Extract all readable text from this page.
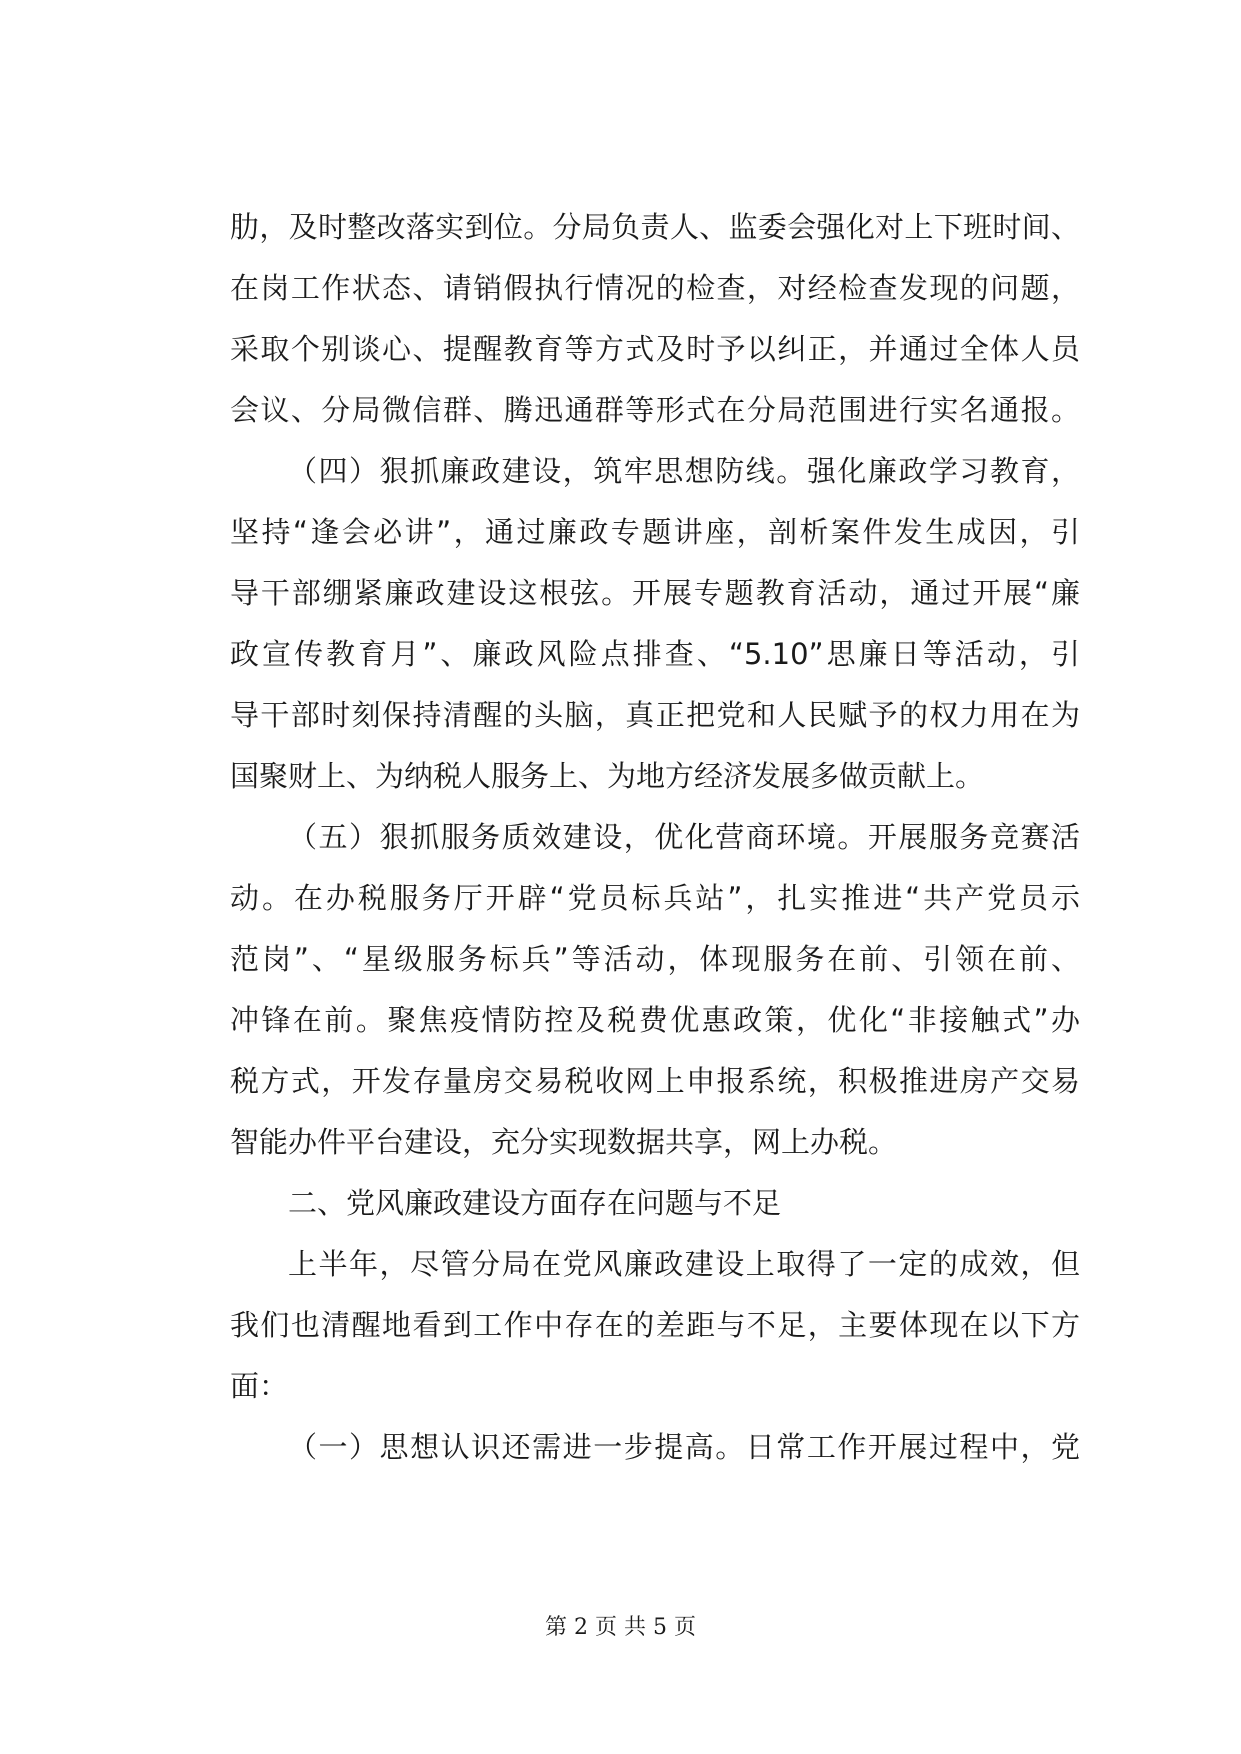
肋，及时整改落实到位。分局负责人、监委会强化对上下班时间、
在岗工作状态、请销假执行情况的检查，对经检查发现的问题，
采取个别谈心、提醒教育等方式及时予以纠正，并通过全体人员
会议、分局微信群、腾迅通群等形式在分局范围进行实名通报。
（四）狠抓廉政建设，筑牢思想防线。强化廉政学习教育，
坚持“逢会必讲”，通过廉政专题讲座，剖析案件发生成因，引
导干部绷紧廉政建设这根弦。开展专题教育活动，通过开展“廉
政宣传教育月”、廉政风险点排查、“5.10”思廉日等活动，引
导干部时刻保持清醒的头脑，真正把党和人民赋予的权力用在为
国聚财上、为纳税人服务上、为地方经济发展多做贡献上。
（五）狠抓服务质效建设，优化营商环境。开展服务竞赛活
动。在办税服务厅开辟“党员标兵站”，扎实推进“共产党员示
范岗”、“星级服务标兵”等活动，体现服务在前、引领在前、
冲锋在前。聚焦疫情防控及税费优惠政策，优化“非接触式”办
税方式，开发存量房交易税收网上申报系统，积极推进房产交易
智能办件平台建设，充分实现数据共享，网上办税。
二、党风廉政建设方面存在问题与不足
上半年，尽管分局在党风廉政建设上取得了一定的成效，但
我们也清醒地看到工作中存在的差距与不足，主要体现在以下方
面：
（一）思想认识还需进一步提高。日常工作开展过程中，党
第 2 页 共 5 页
